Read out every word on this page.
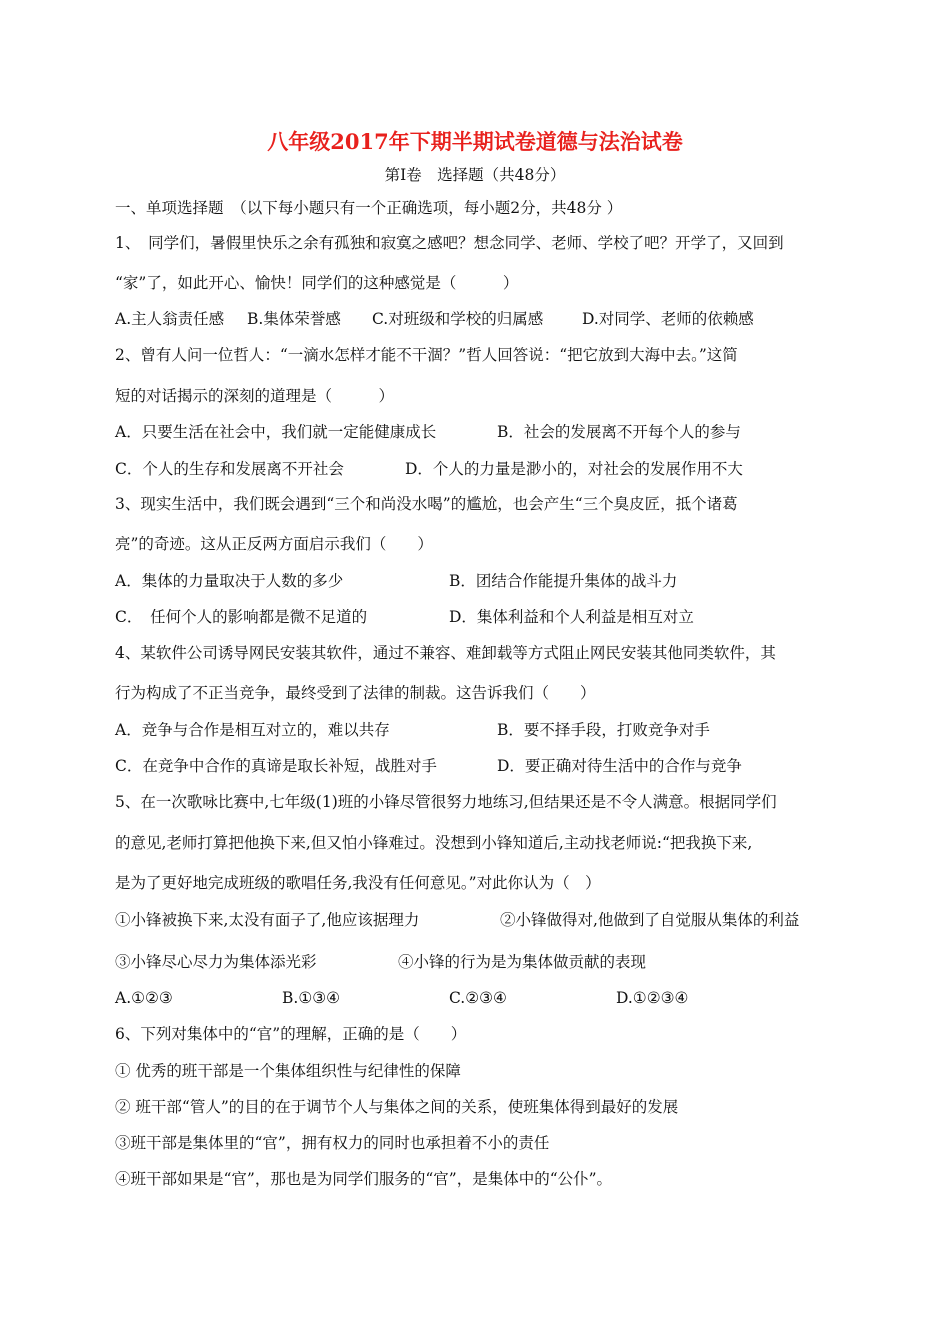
八年级2017年下期半期试卷道德与法治试卷
第Ⅰ卷　选择题（共48分）
一、单项选择题　（以下每小题只有一个正确选项，每小题2分，共48分 ）
1、　同学们，暑假里快乐之余有孤独和寂寞之感吧？想念同学、老师、学校了吧？开学了，又回到
“家”了，如此开心、愉快！同学们的这种感觉是（　　　）
A.主人翁责任感 B.集体荣誉感 C.对班级和学校的归属感	D.对同学、老师的依赖感
2、曾有人问一位哲人：“一滴水怎样才能不干涸？”哲人回答说：“把它放到大海中去。”这简
短的对话揭示的深刻的道理是（　　　）
A．只要生活在社会中，我们就一定能健康成长	B．社会的发展离不开每个人的参与
C．个人的生存和发展离不开社会	D．个人的力量是渺小的，对社会的发展作用不大
3、现实生活中，我们既会遇到“三个和尚没水喝”的尴尬，也会产生“三个臭皮匠，抵个诸葛
亮”的奇迹。这从正反两方面启示我们（　　）
A．集体的力量取决于人数的多少	B．团结合作能提升集体的战斗力
C．　任何个人的影响都是微不足道的	D．集体利益和个人利益是相互对立
4、某软件公司诱导网民安装其软件，通过不兼容、难卸载等方式阻止网民安装其他同类软件，其
行为构成了不正当竞争，最终受到了法律的制裁。这告诉我们（　　）
A．竞争与合作是相互对立的，难以共存	B．要不择手段，打败竞争对手
C．在竞争中合作的真谛是取长补短，战胜对手	D．要正确对待生活中的合作与竞争
5、在一次歌咏比赛中,七年级(1)班的小锋尽管很努力地练习,但结果还是不令人满意。根据同学们
的意见,老师打算把他换下来,但又怕小锋难过。没想到小锋知道后,主动找老师说:“把我换下来,
是为了更好地完成班级的歌唱任务,我没有任何意见。”对此你认为（　）
①小锋被换下来,太没有面子了,他应该据理力	②小锋做得对,他做到了自觉服从集体的利益
③小锋尽心尽力为集体添光彩	④小锋的行为是为集体做贡献的表现
A.①②③	B.①③④	C.②③④	D.①②③④
6、下列对集体中的“官”的理解，正确的是（　　）
① 优秀的班干部是一个集体组织性与纪律性的保障
② 班干部“管人”的目的在于调节个人与集体之间的关系，使班集体得到最好的发展
③班干部是集体里的“官”，拥有权力的同时也承担着不小的责任
④班干部如果是“官”，那也是为同学们服务的“官”，是集体中的“公仆”。
